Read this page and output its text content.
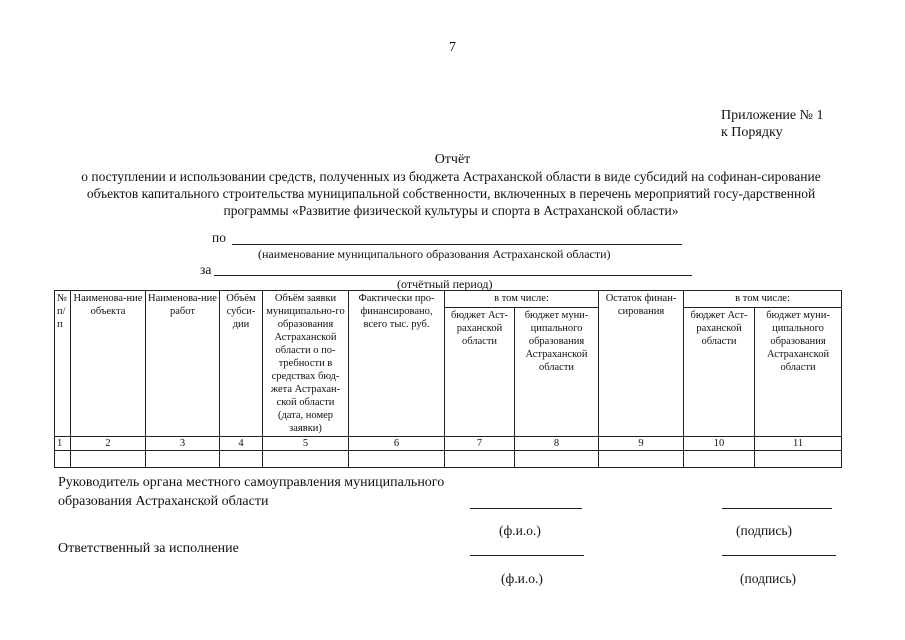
7
Приложение № 1
к Порядку
Отчёт
о поступлении и использовании средств, полученных из бюджета Астраханской области в виде субсидий на софинан-сирование объектов капитального строительства муниципальной собственности, включенных в перечень мероприятий госу-дарственной программы «Развитие физической культуры и спорта в Астраханской области»
по
(наименование муниципального образования Астраханской области)
за
(отчётный период)
№ п/ п	Наименова-ние объекта	Наименова-ние работ	Объём субси-дии	Объём заявки муниципально-го образования Астраханской области о по-требности в средствах бюд-жета Астрахан-ской области (дата, номер заявки)	Фактически про-финансировано, всего тыс. руб.	в том числе:		Остаток финан-сирования	в том числе:	
						бюджет Аст-раханской области	бюджет муни-ципального образования Астраханской области		бюджет Аст-раханской области	бюджет муни-ципального образования Астраханской области
1	2	3	4	5	6	7	8	9	10	11

Руководитель органа местного самоуправления муниципального
образования Астраханской области
(ф.и.о.)	(подпись)
Ответственный за исполнение
(ф.и.о.)	(подпись)
